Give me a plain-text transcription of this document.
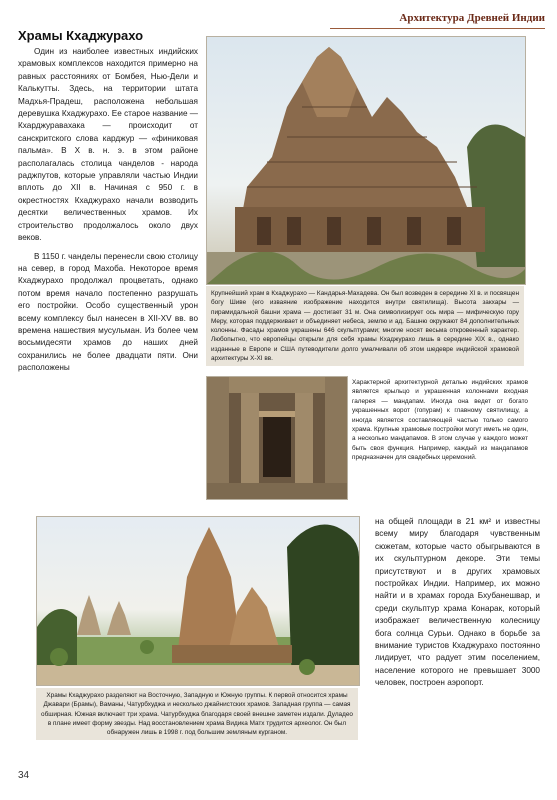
Архитектура Древней Индии
Храмы Кхаджурахо

Один из наиболее известных индийских храмовых комплексов находится примерно на равных расстояниях от Бомбея, Нью-Дели и Калькутты. Здесь, на территории штата Мадхья-Прадеш, расположена небольшая деревушка Кхаджурахо. Ее старое название — Кхарджуравахака — происходит от санскритского слова карджур — «финиковая пальма». В X в. н. э. в этом районе располагалась столица чанделов - народа раджпутов, которые управляли частью Индии вплоть до XII в. Начиная с 950 г. в окрестностях Кхаджурахо начали возводить десятки величественных храмов. Их строительство продолжалось около двух веков.

В 1150 г. чанделы перенесли свою столицу на север, в город Махоба. Некоторое время Кхаджурахо продолжал процветать, однако потом время начало постепенно разрушать его постройки. Особо существенный урон всему комплексу был нанесен в XII-XV вв. во времена нашествия мусульман. Из более чем восьмидесяти храмов до наших дней сохранились не более двадцати пяти. Они расположены

Крупнейший храм в Кхаджурахо — Кандарья-Махадева. Он был возведен в середине XI в. и посвящен богу Шиве (его изваяние изображение находится внутри святилища). Высота закхары — пирамидальной башни храма — достигает 31 м. Она символизирует ось мира — мифическую гору Меру, которая поддерживает и объединяет небеса, землю и ад. Башню окружают 84 дополнительных колонны. Фасады храмов украшены 646 скульптурами; многие носят весьма откровенный характер. Любопытно, что европейцы открыли для себя храмы Кхаджурахо лишь в середине XIX в., однако изданные в Европе и США путеводители долго умалчивали об этом шедевре индийской храмовой архитектуры X-XI вв.
Характерной архитектурной деталью индийских храмов является крыльцо и украшенная колоннами входная галерея — мандапам. Иногда она ведет от богато украшенных ворот (гопурам) к главному святилищу, а иногда является составляющей частью только самого храма. Крупные храмовые постройки могут иметь не один, а несколько мандапамов. В этом случае у каждого может быть своя функция. Например, каждый из мандапамов предназначен для свадебных церемоний.
Храмы Кхаджурахо разделяют на Восточную, Западную и Южную группы. К первой относится храмы Джавари (Брамы), Ваманы, Чатурбхуджа и несколько джайнистских храмов. Западная группа — самая обширная. Южная включает три храма. Чатурбхуджа благодаря своей внешне заметен издали. Дуладео в плане имеет форму звезды. Над восстановлением храма Видика Матх трудится археолог. Он был обнаружен лишь в 1998 г. под большим земляным курганом.

на общей площади в 21 км² и известны всему миру благодаря чувственным сюжетам, которые часто обыгрываются в их скульптурном декоре. Эти темы присутствуют и в других храмовых постройках Индии. Например, их можно найти и в храмах города Бхубанешвар, и среди скульптур храма Конарак, который изображает величественную колесницу бога солнца Сурьи. Однако в борьбе за внимание туристов Кхаджурахо постоянно лидирует, что радует этим поселением, население которого не превышает 3000 человек, построен аэропорт.

34
